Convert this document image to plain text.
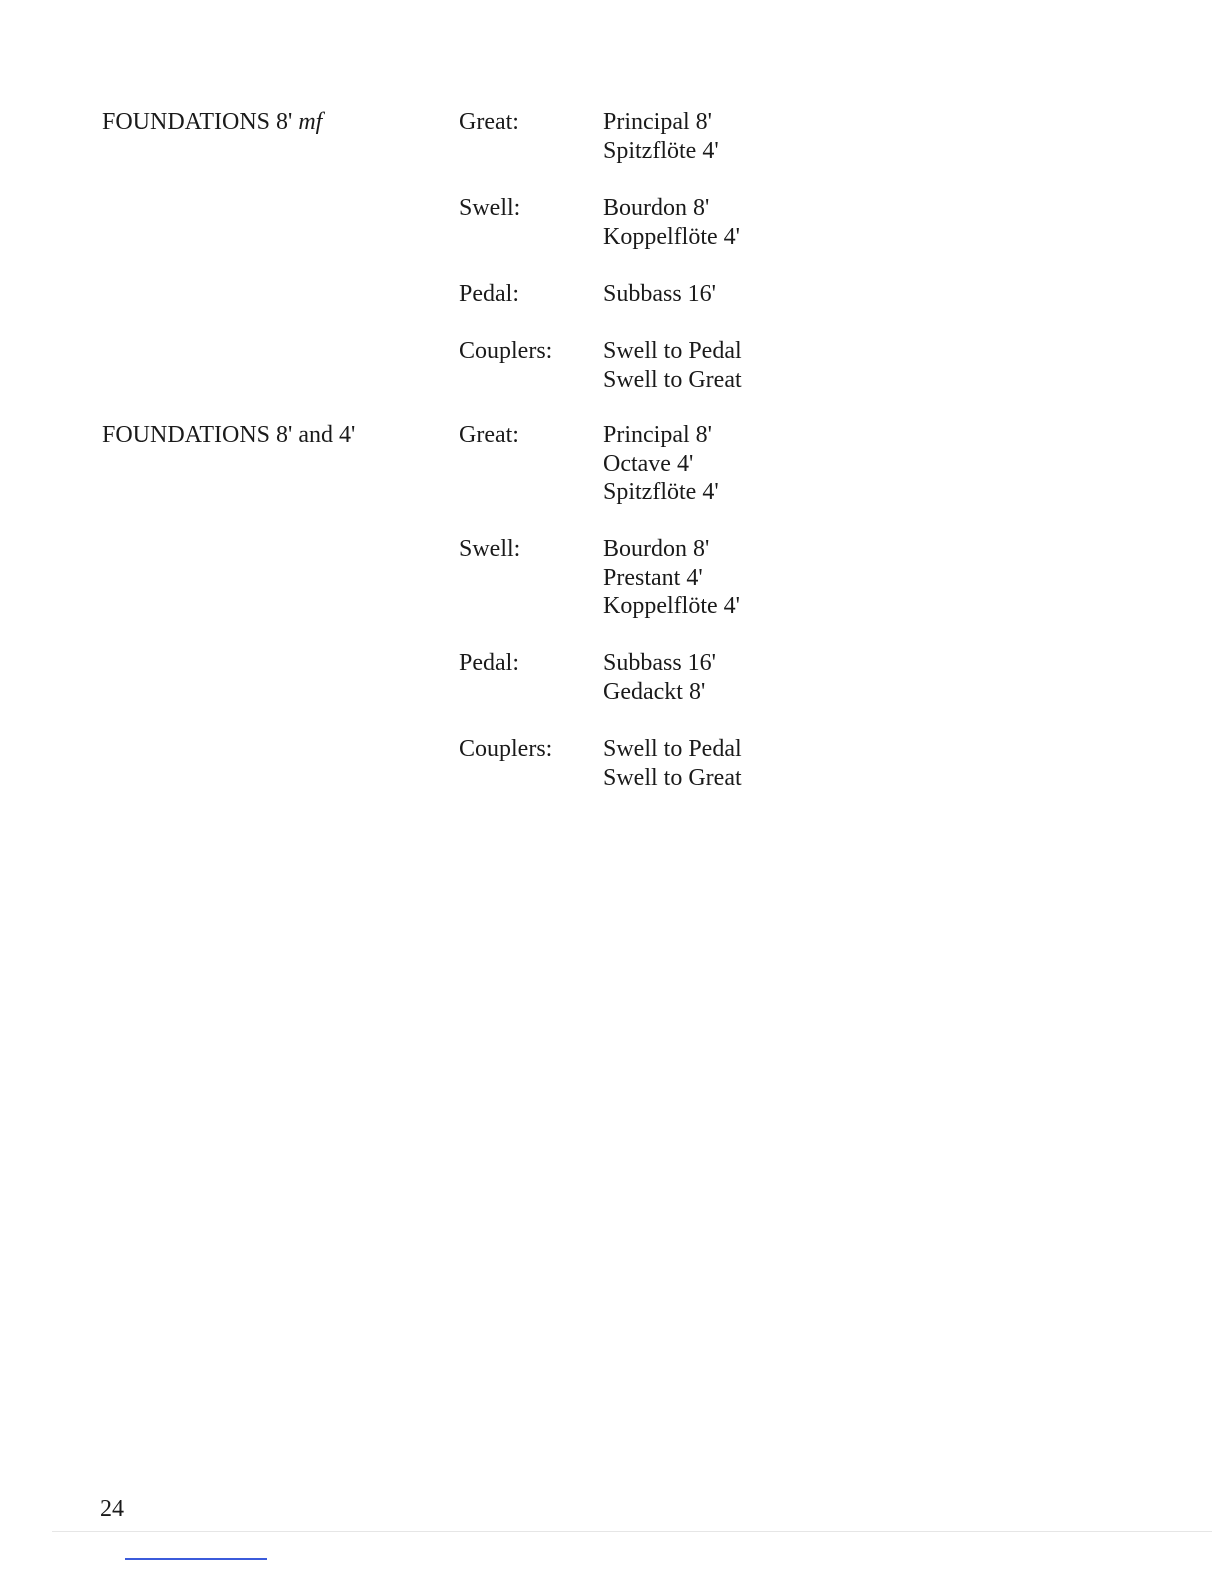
FOUNDATIONS 8' mf	Great:	Principal 8'
Spitzflöte 4'
Swell:	Bourdon 8'
Koppelflöte 4'
Pedal:	Subbass 16'
Couplers: Swell to Pedal
Swell to Great
FOUNDATIONS 8' and 4'	Great:	Principal 8'
Octave 4'
Spitzflöte 4'
Swell:	Bourdon 8'
Prestant 4'
Koppelflöte 4'
Pedal:	Subbass 16'
Gedackt 8'
Couplers: Swell to Pedal
Swell to Great
24
